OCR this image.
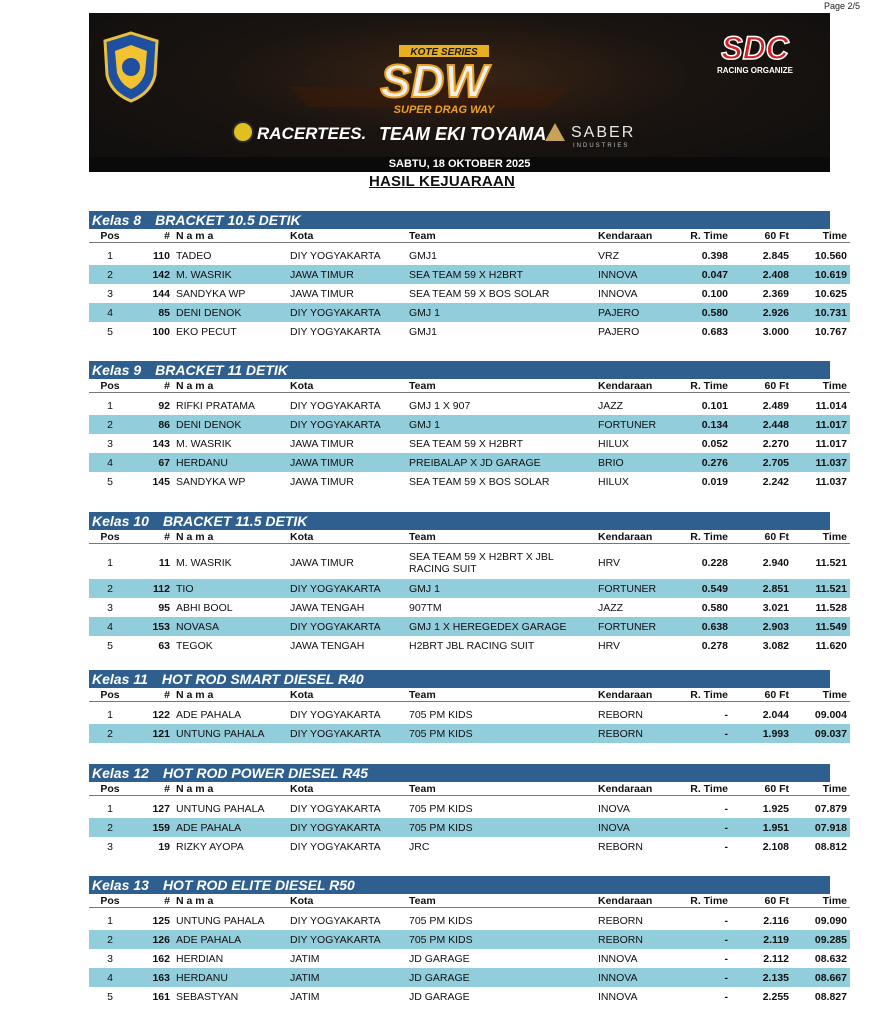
Page 2/5
KOTE SERIES
SDW
SUPER DRAG WAY
SDC
RACING ORGANIZE
RACERTEES. TEAM EKI TOYAMA SABER
INDUSTRIES
SABTU, 18 OKTOBER 2025
HASIL KEJUARAAN
Kelas 8 BRACKET 10.5 DETIK
Pos	#	N a m a	Kota	Team	Kendaraan	R. Time	60 Ft	Time

1	110	TADEO	DIY YOGYAKARTA	GMJ1	VRZ	0.398	2.845	10.560
2	142	M. WASRIK	JAWA TIMUR	SEA TEAM 59 X H2BRT	INNOVA	0.047	2.408	10.619
3	144	SANDYKA WP	JAWA TIMUR	SEA TEAM 59 X BOS SOLAR	INNOVA	0.100	2.369	10.625
4	85	DENI DENOK	DIY YOGYAKARTA	GMJ 1	PAJERO	0.580	2.926	10.731
5	100	EKO PECUT	DIY YOGYAKARTA	GMJ1	PAJERO	0.683	3.000	10.767
Kelas 9 BRACKET 11 DETIK
Pos	#	N a m a	Kota	Team	Kendaraan	R. Time	60 Ft	Time

1	92	RIFKI PRATAMA	DIY YOGYAKARTA	GMJ 1 X 907	JAZZ	0.101	2.489	11.014
2	86	DENI DENOK	DIY YOGYAKARTA	GMJ 1	FORTUNER	0.134	2.448	11.017
3	143	M. WASRIK	JAWA TIMUR	SEA TEAM 59 X H2BRT	HILUX	0.052	2.270	11.017
4	67	HERDANU	JAWA TIMUR	PREIBALAP X JD GARAGE	BRIO	0.276	2.705	11.037
5	145	SANDYKA WP	JAWA TIMUR	SEA TEAM 59 X BOS SOLAR	HILUX	0.019	2.242	11.037
Kelas 10 BRACKET 11.5 DETIK
Pos	#	N a m a	Kota	Team	Kendaraan	R. Time	60 Ft	Time

1	11	M. WASRIK	JAWA TIMUR	SEA TEAM 59 X H2BRT X JBL RACING SUIT	HRV	0.228	2.940	11.521
2	112	TIO	DIY YOGYAKARTA	GMJ 1	FORTUNER	0.549	2.851	11.521
3	95	ABHI BOOL	JAWA TENGAH	907TM	JAZZ	0.580	3.021	11.528
4	153	NOVASA	DIY YOGYAKARTA	GMJ 1 X HEREGEDEX GARAGE	FORTUNER	0.638	2.903	11.549
5	63	TEGOK	JAWA TENGAH	H2BRT JBL RACING SUIT	HRV	0.278	3.082	11.620
Kelas 11 HOT ROD SMART DIESEL R40
Pos	#	N a m a	Kota	Team	Kendaraan	R. Time	60 Ft	Time

1	122	ADE PAHALA	DIY YOGYAKARTA	705 PM KIDS	REBORN	-	2.044	09.004
2	121	UNTUNG PAHALA	DIY YOGYAKARTA	705 PM KIDS	REBORN	-	1.993	09.037
Kelas 12 HOT ROD POWER DIESEL R45
Pos	#	N a m a	Kota	Team	Kendaraan	R. Time	60 Ft	Time

1	127	UNTUNG PAHALA	DIY YOGYAKARTA	705 PM KIDS	INOVA	-	1.925	07.879
2	159	ADE PAHALA	DIY YOGYAKARTA	705 PM KIDS	INOVA	-	1.951	07.918
3	19	RIZKY AYOPA	DIY YOGYAKARTA	JRC	REBORN	-	2.108	08.812
Kelas 13 HOT ROD ELITE DIESEL R50
Pos	#	N a m a	Kota	Team	Kendaraan	R. Time	60 Ft	Time

1	125	UNTUNG PAHALA	DIY YOGYAKARTA	705 PM KIDS	REBORN	-	2.116	09.090
2	126	ADE PAHALA	DIY YOGYAKARTA	705 PM KIDS	REBORN	-	2.119	09.285
3	162	HERDIAN	JATIM	JD GARAGE	INNOVA	-	2.112	08.632
4	163	HERDANU	JATIM	JD GARAGE	INNOVA	-	2.135	08.667
5	161	SEBASTYAN	JATIM	JD GARAGE	INNOVA	-	2.255	08.827
